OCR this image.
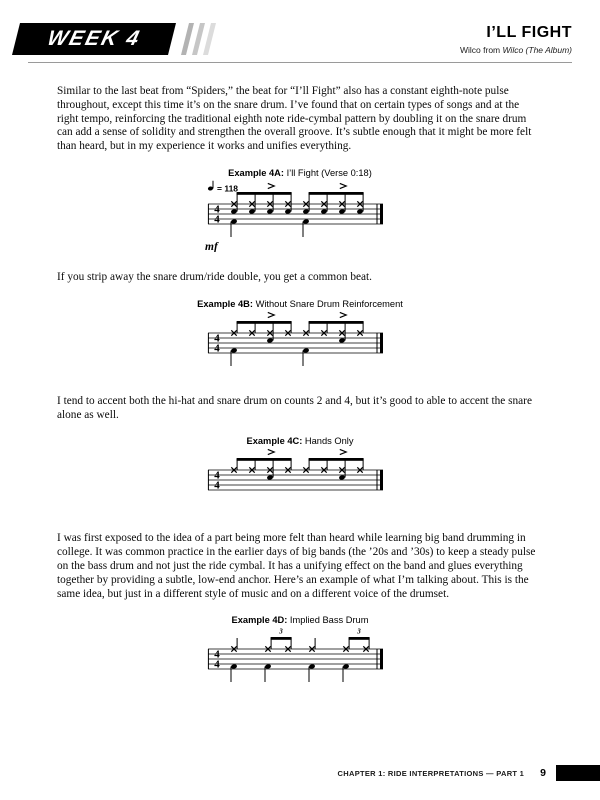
WEEK 4	I’LL FIGHT
Wilco from Wilco (The Album)

Similar to the last beat from “Spiders,” the beat for “I’ll Fight” also has a constant eighth-note pulse throughout, except this time it’s on the snare drum. I’ve found that on certain types of songs and at the right tempo, reinforcing the traditional eighth note ride-cymbal pattern by doubling it on the snare drum can add a sense of solidity and strengthen the overall groove. It’s subtle enough that it might be more felt than heard, but in my experience it works and unifies everything.

Example 4A: I’ll Fight (Verse 0:18)
4
4
= 118
mf

If you strip away the snare drum/ride double, you get a common beat.

Example 4B: Without Snare Drum Reinforcement
4
4

I tend to accent both the hi-hat and snare drum on counts 2 and 4, but it’s good to able to accent the snare alone as well.

Example 4C: Hands Only
4
4

I was first exposed to the idea of a part being more felt than heard while learning big band drumming in college. It was common practice in the earlier days of big bands (the ’20s and ’30s) to keep a steady pulse on the bass drum and not just the ride cymbal. It has a unifying effect on the band and glues everything together by providing a subtle, low-end anchor. Here’s an example of what I’m talking about. This is the same idea, but just in a different style of music and on a different voice of the drumset.

Example 4D: Implied Bass Drum
4
4
3	3
CHAPTER 1: RIDE INTERPRETATIONS — PART 1 9
